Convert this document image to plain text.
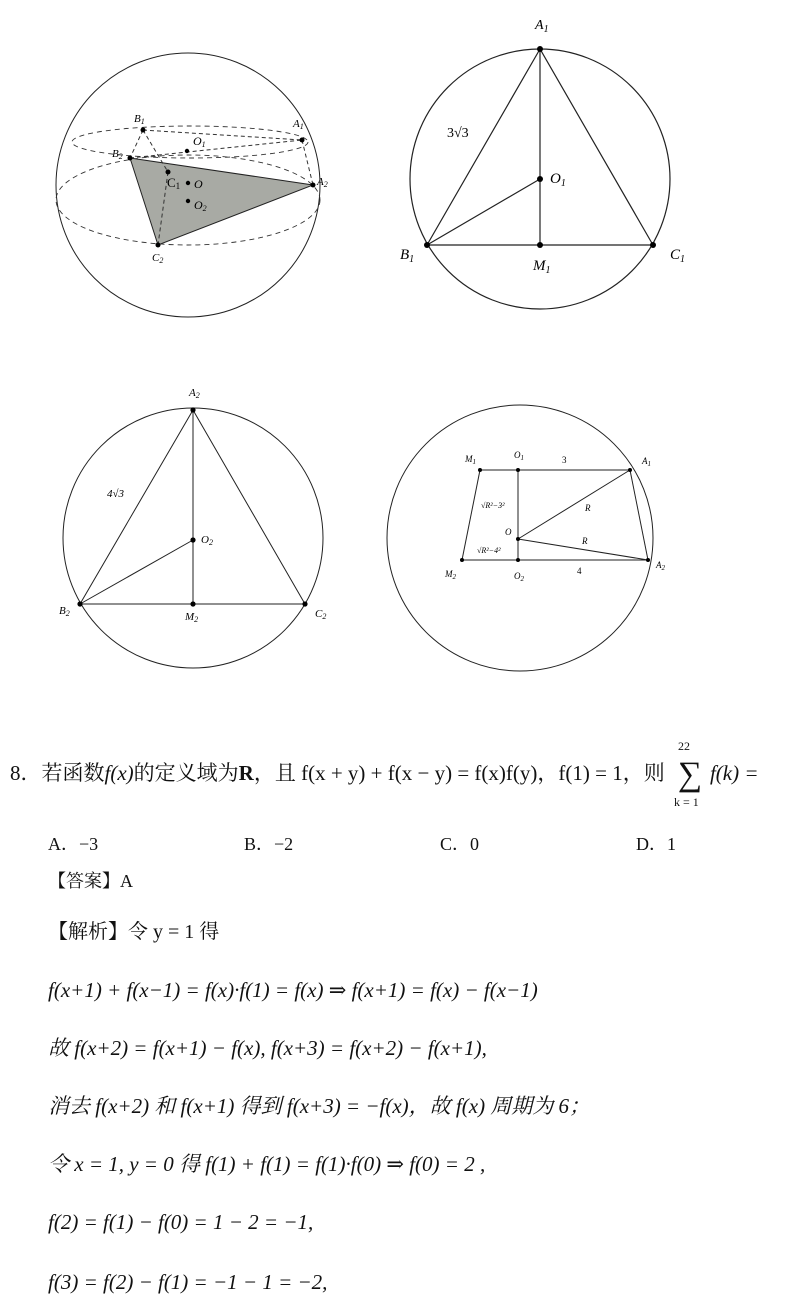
B1	A1
O1
B2
C1 O
O2
A2
C2
$A_1$
$B_1$	$C_1$
$O_1$
$M_1$
3√3
A2
B2	C2
O2
M2
4√3
$M_1$
$O_1$	$A_1$
$M_2$	$O_2$
$A_2$
O
R
R
3
4
√R²−3²
√R²−4²
8．若函数f(x)的定义域为R，且 f(x + y) + f(x − y) = f(x)f(y)，f(1) = 1，则
22
∑
k = 1
f(k) =
A．−3	B．−2	C．0	D．1
【答案】A
【解析】令 y = 1 得
f(x+1) + f(x−1) = f(x)·f(1) = f(x) ⇒ f(x+1) = f(x) − f(x−1)
故 f(x+2) = f(x+1) − f(x), f(x+3) = f(x+2) − f(x+1),
消去 f(x+2) 和 f(x+1) 得到 f(x+3) = −f(x)，故 f(x) 周期为 6；
令 x = 1, y = 0 得 f(1) + f(1) = f(1)·f(0) ⇒ f(0) = 2 ,
f(2) = f(1) − f(0) = 1 − 2 = −1,
f(3) = f(2) − f(1) = −1 − 1 = −2,
